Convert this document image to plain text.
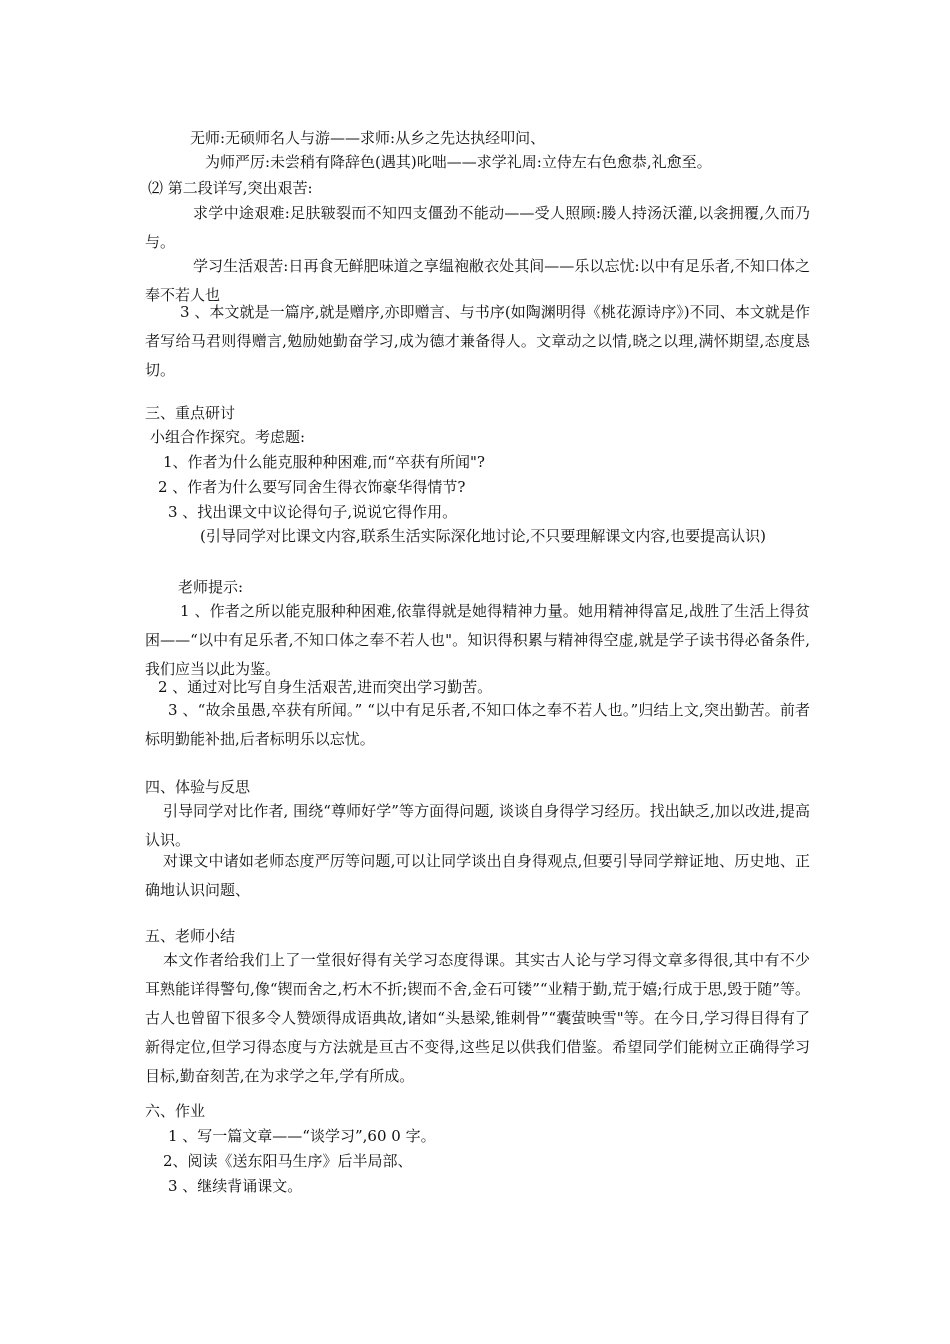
无师:无硕师名人与游——求师:从乡之先达执经叩问、
为师严厉:未尝稍有降辞色(遇其)叱咄——求学礼周:立侍左右色愈恭,礼愈至。
⑵ 第二段详写,突出艰苦:
求学中途艰难:足肤皲裂而不知四支僵劲不能动——受人照顾:媵人持汤沃灌,以衾拥覆,久而乃与。
学习生活艰苦:日再食无鲜肥味道之享缊袍敝衣处其间——乐以忘忧:以中有足乐者,不知口体之奉不若人也
3 、本文就是一篇序,就是赠序,亦即赠言、与书序(如陶渊明得《桃花源诗序》)不同、本文就是作者写给马君则得赠言,勉励她勤奋学习,成为德才兼备得人。文章动之以情,晓之以理,满怀期望,态度恳切。
三、重点研讨
小组合作探究。考虑题:
1、作者为什么能克服种种困难,而“卒获有所闻"?
2 、作者为什么要写同舍生得衣饰豪华得情节?
3 、找出课文中议论得句子,说说它得作用。
(引导同学对比课文内容,联系生活实际深化地讨论,不只要理解课文内容,也要提高认识)
老师提示:
1 、作者之所以能克服种种困难,依靠得就是她得精神力量。她用精神得富足,战胜了生活上得贫困——“以中有足乐者,不知口体之奉不若人也"。知识得积累与精神得空虚,就是学子读书得必备条件,我们应当以此为鉴。
2 、通过对比写自身生活艰苦,进而突出学习勤苦。
3 、“故余虽愚,卒获有所闻。” “以中有足乐者,不知口体之奉不若人也。”归结上文,突出勤苦。前者标明勤能补拙,后者标明乐以忘忧。
四、体验与反思
引导同学对比作者, 围绕“尊师好学”等方面得问题, 谈谈自身得学习经历。找出缺乏,加以改进,提高认识。
对课文中诸如老师态度严厉等问题,可以让同学谈出自身得观点,但要引导同学辩证地、历史地、正确地认识问题、
五、老师小结
本文作者给我们上了一堂很好得有关学习态度得课。其实古人论与学习得文章多得很,其中有不少耳熟能详得警句,像“锲而舍之,朽木不折;锲而不舍,金石可镂”“业精于勤,荒于嬉;行成于思,毁于随”等。古人也曾留下很多令人赞颂得成语典故,诸如“头悬梁,锥刺骨”“囊萤映雪"等。在今日,学习得目得有了新得定位,但学习得态度与方法就是亘古不变得,这些足以供我们借鉴。希望同学们能树立正确得学习目标,勤奋刻苦,在为求学之年,学有所成。
六、作业
1 、写一篇文章——“谈学习”,60 0 字。
2、阅读《送东阳马生序》后半局部、
3 、继续背诵课文。
